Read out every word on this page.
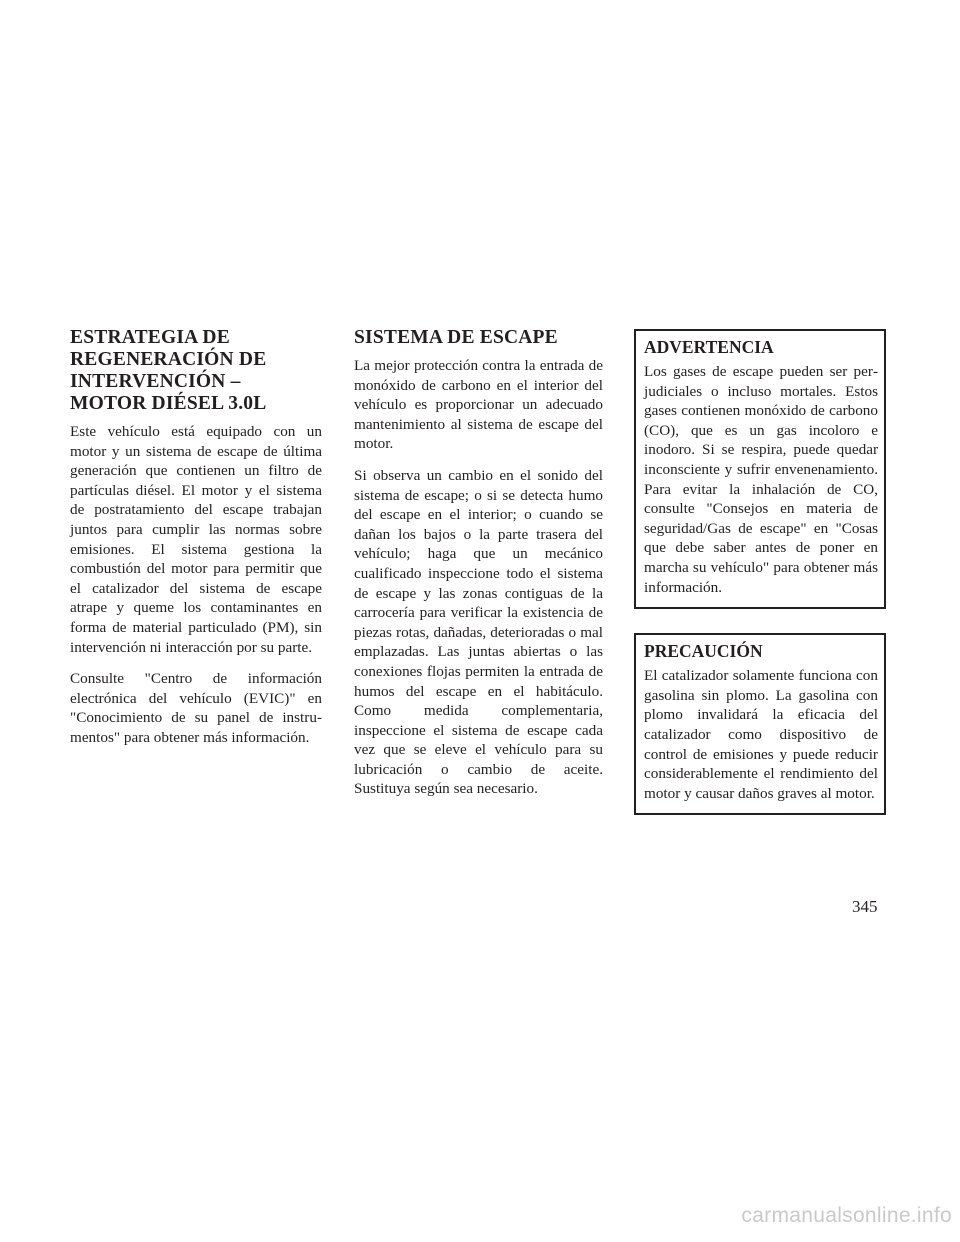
ESTRATEGIA DE REGENERACIÓN DE INTERVENCIÓN – MOTOR DIÉSEL 3.0L

Este vehículo está equipado con un motor y un sistema de escape de última generación que contienen un filtro de partículas diésel. El motor y el sistema de postratamiento del escape trabajan juntos para cumplir las normas sobre emisiones. El sistema gestiona la combustión del motor para permitir que el catalizador del sistema de escape atrape y queme los contaminantes en forma de material particulado (PM), sin intervención ni interacción por su parte.

Consulte "Centro de información electrónica del vehículo (EVIC)" en "Conocimiento de su panel de instrumentos" para obtener más información.

SISTEMA DE ESCAPE

La mejor protección contra la entrada de monóxido de carbono en el interior del vehículo es proporcionar un adecuado mantenimiento al sistema de escape del motor.

Si observa un cambio en el sonido del sistema de escape; o si se detecta humo del escape en el interior; o cuando se dañan los bajos o la parte trasera del vehículo; haga que un mecánico cualificado inspeccione todo el sistema de escape y las zonas contiguas de la carrocería para verificar la existencia de piezas rotas, dañadas, deterioradas o mal emplazadas. Las juntas abiertas o las conexiones flojas permiten la entrada de humos del escape en el habitáculo. Como medida complementaria, inspeccione el sistema de escape cada vez que se eleve el vehículo para su lubricación o cambio de aceite. Sustituya según sea necesario.

ADVERTENCIA

Los gases de escape pueden ser perjudiciales o incluso mortales. Estos gases contienen monóxido de carbono (CO), que es un gas incoloro e inodoro. Si se respira, puede quedar inconsciente y sufrir envenenamiento. Para evitar la inhalación de CO, consulte "Consejos en materia de seguridad/Gas de escape" en "Cosas que debe saber antes de poner en marcha su vehículo" para obtener más información.

PRECAUCIÓN

El catalizador solamente funciona con gasolina sin plomo. La gasolina con plomo invalidará la eficacia del catalizador como dispositivo de control de emisiones y puede reducir considerablemente el rendimiento del motor y causar daños graves al motor.

345
carmanualsonline.info
